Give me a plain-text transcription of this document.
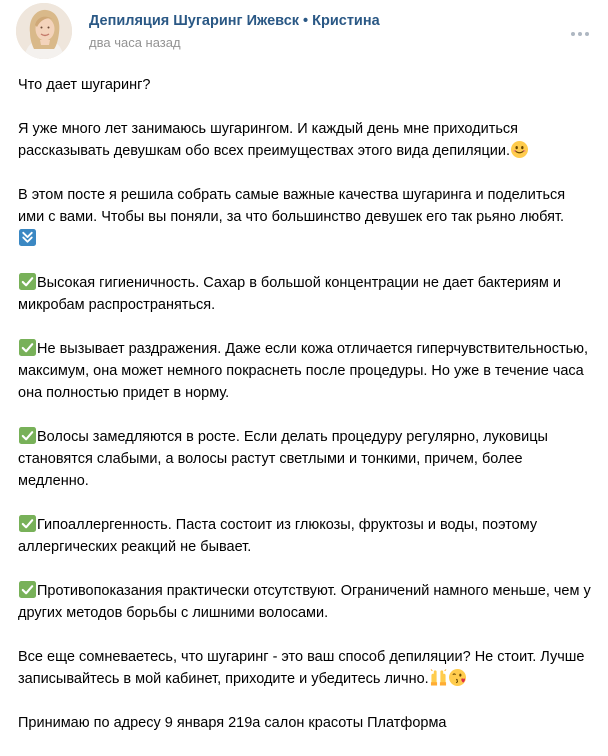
Депиляция Шугаринг Ижевск • Кристина
два часа назад

Что дает шугаринг?

Я уже много лет занимаюсь шугарингом. И каждый день мне приходиться рассказывать девушкам обо всех преимуществах этого вида депиляции.

В этом посте я решила собрать самые важные качества шугаринга и поделиться ими с вами. Чтобы вы поняли, за что большинство девушек его так рьяно любят.

Высокая гигиеничность. Сахар в большой концентрации не дает бактериям и микробам распространяться.

Не вызывает раздражения. Даже если кожа отличается гиперчувствительностью, максимум, она может немного покраснеть после процедуры. Но уже в течение часа она полностью придет в норму.

Волосы замедляются в росте. Если делать процедуру регулярно, луковицы становятся слабыми, а волосы растут светлыми и тонкими, причем, более медленно.

Гипоаллергенность. Паста состоит из глюкозы, фруктозы и воды, поэтому аллергических реакций не бывает.

Противопоказания практически отсутствуют. Ограничений намного меньше, чем у других методов борьбы с лишними волосами.

Все еще сомневаетесь, что шугаринг - это ваш способ депиляции? Не стоит. Лучше записывайтесь в мой кабинет, приходите и убедитесь лично.

Принимаю по адресу 9 января 219а салон красоты Платформа
